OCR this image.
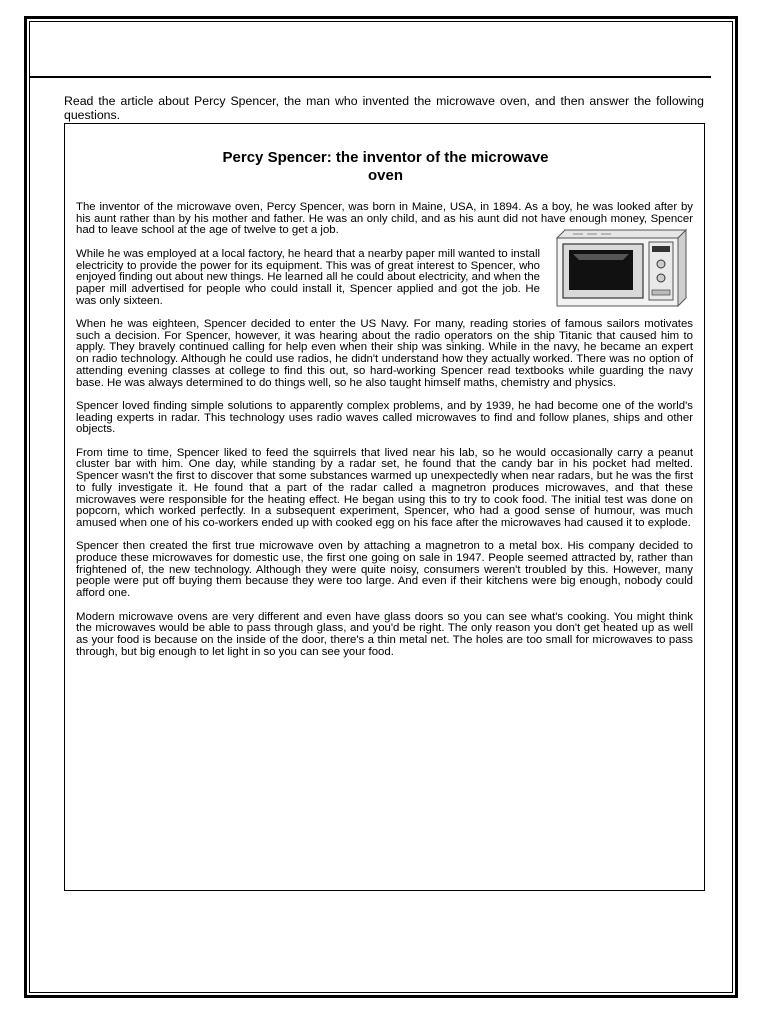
Read the article about Percy Spencer, the man who invented the microwave oven, and then answer the following questions.

Percy Spencer: the inventor of the microwave
oven

The inventor of the microwave oven, Percy Spencer, was born in Maine, USA, in 1894. As a boy, he was looked after by his aunt rather than by his mother and father. He was an only child, and as his aunt did not have enough money, Spencer had to leave school at the age of twelve to get a job.

While he was employed at a local factory, he heard that a nearby paper mill wanted to install electricity to provide the power for its equipment. This was of great interest to Spencer, who enjoyed finding out about new things. He learned all he could about electricity, and when the paper mill advertised for people who could install it, Spencer applied and got the job. He was only sixteen.

When he was eighteen, Spencer decided to enter the US Navy. For many, reading stories of famous sailors motivates such a decision. For Spencer, however, it was hearing about the radio operators on the ship Titanic that caused him to apply. They bravely continued calling for help even when their ship was sinking. While in the navy, he became an expert on radio technology. Although he could use radios, he didn't understand how they actually worked. There was no option of attending evening classes at college to find this out, so hard-working Spencer read textbooks while guarding the navy base. He was always determined to do things well, so he also taught himself maths, chemistry and physics.

Spencer loved finding simple solutions to apparently complex problems, and by 1939, he had become one of the world's leading experts in radar. This technology uses radio waves called microwaves to find and follow planes, ships and other objects.

From time to time, Spencer liked to feed the squirrels that lived near his lab, so he would occasionally carry a peanut cluster bar with him. One day, while standing by a radar set, he found that the candy bar in his pocket had melted. Spencer wasn't the first to discover that some substances warmed up unexpectedly when near radars, but he was the first to fully investigate it. He found that a part of the radar called a magnetron produces microwaves, and that these microwaves were responsible for the heating effect. He began using this to try to cook food. The initial test was done on popcorn, which worked perfectly. In a subsequent experiment, Spencer, who had a good sense of humour, was much amused when one of his co-workers ended up with cooked egg on his face after the microwaves had caused it to explode.

Spencer then created the first true microwave oven by attaching a magnetron to a metal box. His company decided to produce these microwaves for domestic use, the first one going on sale in 1947. People seemed attracted by, rather than frightened of, the new technology. Although they were quite noisy, consumers weren't troubled by this. However, many people were put off buying them because they were too large. And even if their kitchens were big enough, nobody could afford one.

Modern microwave ovens are very different and even have glass doors so you can see what's cooking. You might think the microwaves would be able to pass through glass, and you'd be right. The only reason you don't get heated up as well as your food is because on the inside of the door, there's a thin metal net. The holes are too small for microwaves to pass through, but big enough to let light in so you can see your food.
